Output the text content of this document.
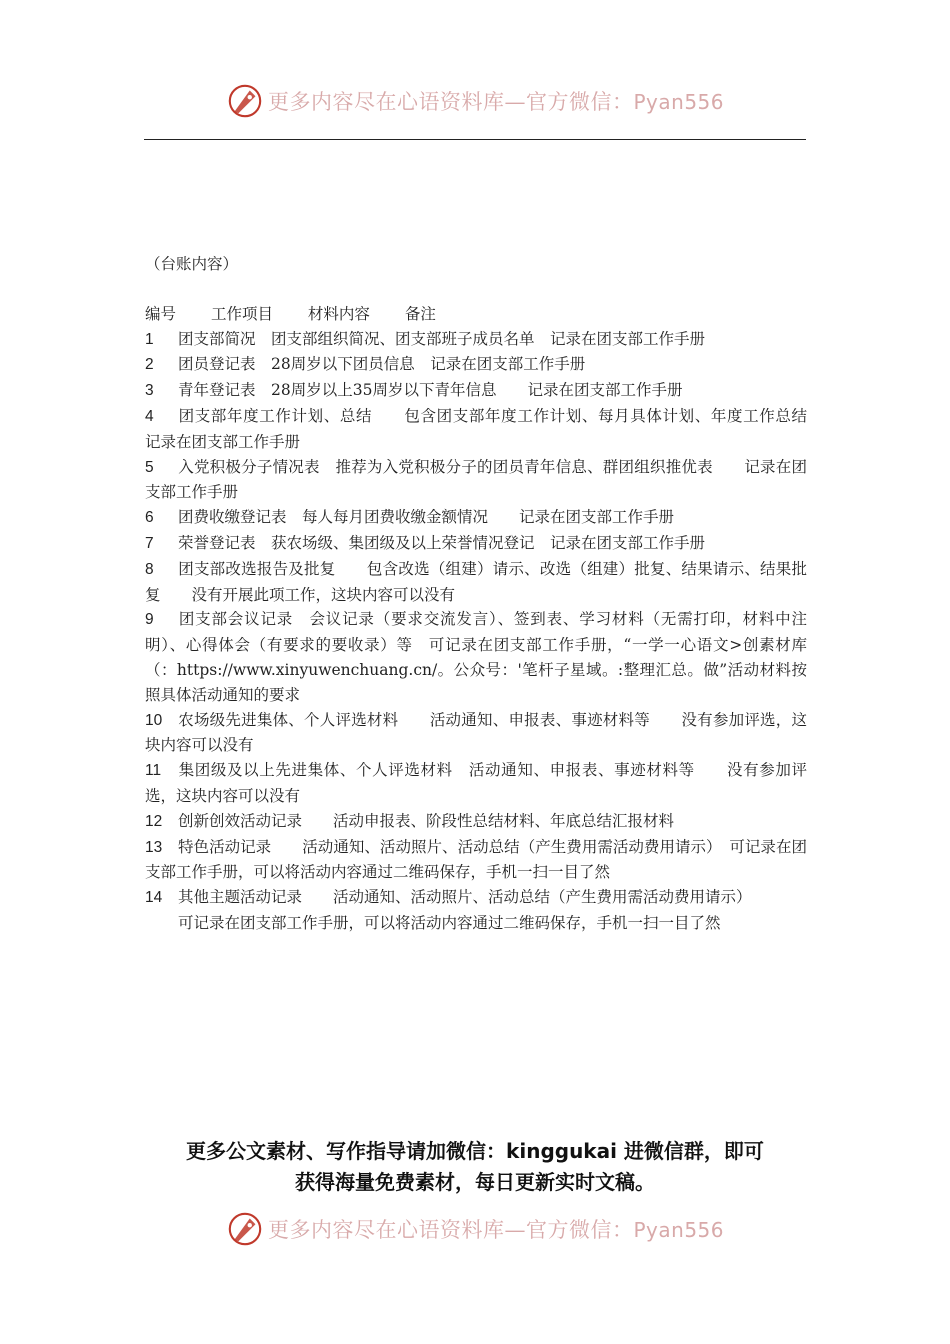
更多内容尽在心语资料库—官方微信：Pyan556

（台账内容）

编号 工作项目 材料内容 备注

1 团支部简况　团支部组织简况、团支部班子成员名单　记录在团支部工作手册

2 团员登记表　28周岁以下团员信息　记录在团支部工作手册

3 青年登记表　28周岁以上35周岁以下青年信息　　记录在团支部工作手册

4 团支部年度工作计划、总结　　包含团支部年度工作计划、每月具体计划、年度工作总结　　记录在团支部工作手册

5 入党积极分子情况表　推荐为入党积极分子的团员青年信息、群团组织推优表　　记录在团支部工作手册

6 团费收缴登记表　每人每月团费收缴金额情况　　记录在团支部工作手册

7 荣誉登记表　获农场级、集团级及以上荣誉情况登记　记录在团支部工作手册

8 团支部改选报告及批复　　包含改选（组建）请示、改选（组建）批复、结果请示、结果批复　　没有开展此项工作，这块内容可以没有

9 团支部会议记录　会议记录（要求交流发言）、签到表、学习材料（无需打印，材料中注明）、心得体会（有要求的要收录）等　可记录在团支部工作手册，“一学一心语文>创素材库（：https://www.xinyuwenchuang.cn/。公众号：'笔杆子星域。:整理汇总。做”活动材料按照具体活动通知的要求

10 农场级先进集体、个人评选材料　　活动通知、申报表、事迹材料等　　没有参加评选，这块内容可以没有

11 集团级及以上先进集体、个人评选材料　活动通知、申报表、事迹材料等　　没有参加评选，这块内容可以没有

12 创新创效活动记录　　活动申报表、阶段性总结材料、年底总结汇报材料

13 特色活动记录　　活动通知、活动照片、活动总结（产生费用需活动费用请示）　可记录在团支部工作手册，可以将活动内容通过二维码保存，手机一扫一目了然

14 其他主题活动记录　　活动通知、活动照片、活动总结（产生费用需活动费用请示）

可记录在团支部工作手册，可以将活动内容通过二维码保存，手机一扫一目了然

更多公文素材、写作指导请加微信：kinggukai 进微信群，即可
获得海量免费素材，每日更新实时文稿。
更多内容尽在心语资料库—官方微信：Pyan556
